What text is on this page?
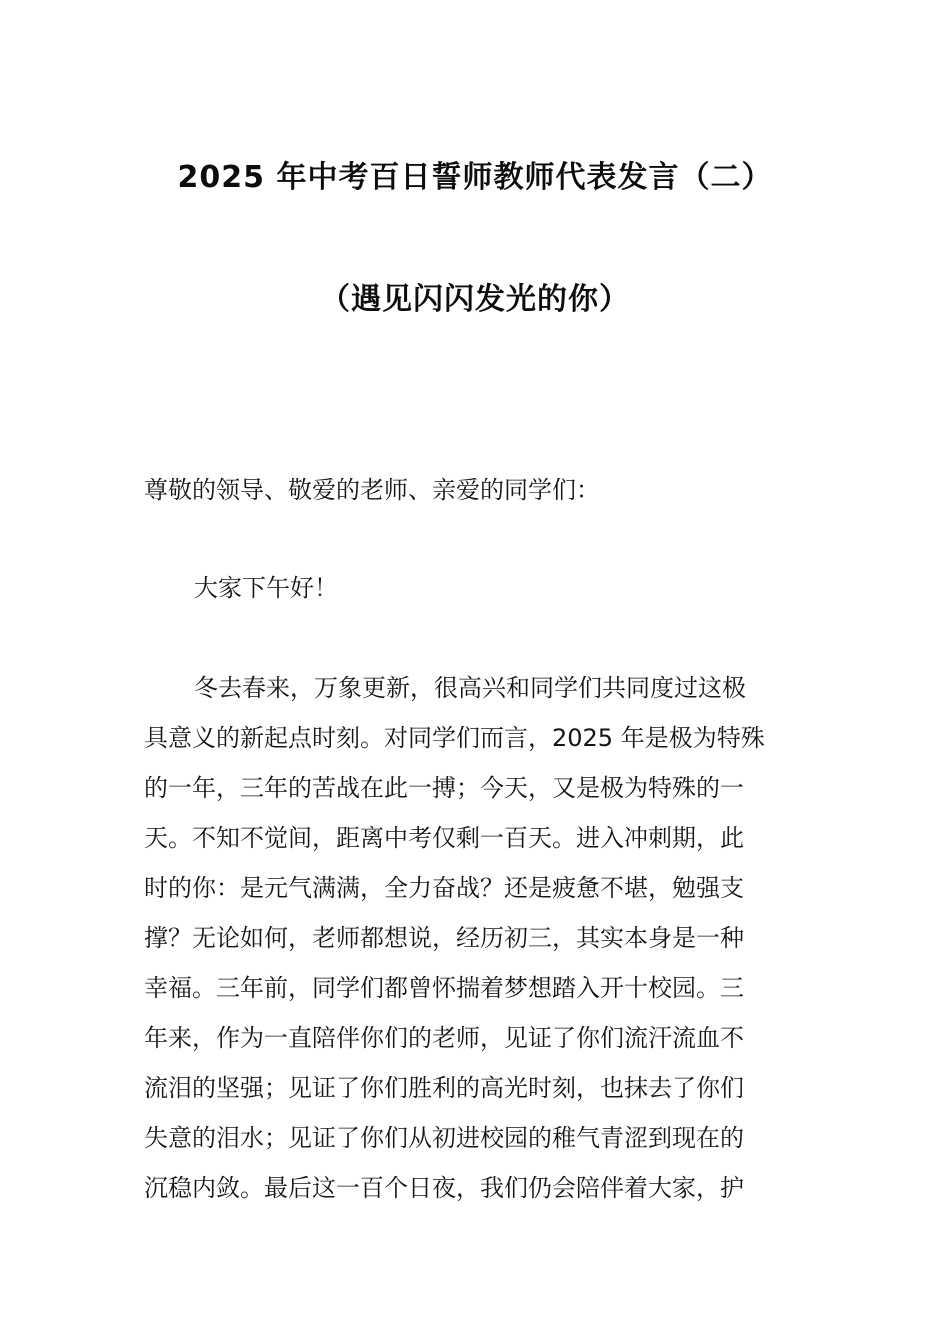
2025 年中考百日誓师教师代表发言（二）
（遇见闪闪发光的你）
尊敬的领导、敬爱的老师、亲爱的同学们：
大家下午好！
冬去春来，万象更新，很高兴和同学们共同度过这极
具意义的新起点时刻。对同学们而言，2025 年是极为特殊
的一年，三年的苦战在此一搏；今天，又是极为特殊的一
天。不知不觉间，距离中考仅剩一百天。进入冲刺期，此
时的你：是元气满满，全力奋战？还是疲惫不堪，勉强支
撑？无论如何，老师都想说，经历初三，其实本身是一种
幸福。三年前，同学们都曾怀揣着梦想踏入开十校园。三
年来，作为一直陪伴你们的老师，见证了你们流汗流血不
流泪的坚强；见证了你们胜利的高光时刻，也抹去了你们
失意的泪水；见证了你们从初进校园的稚气青涩到现在的
沉稳内敛。最后这一百个日夜，我们仍会陪伴着大家，护
